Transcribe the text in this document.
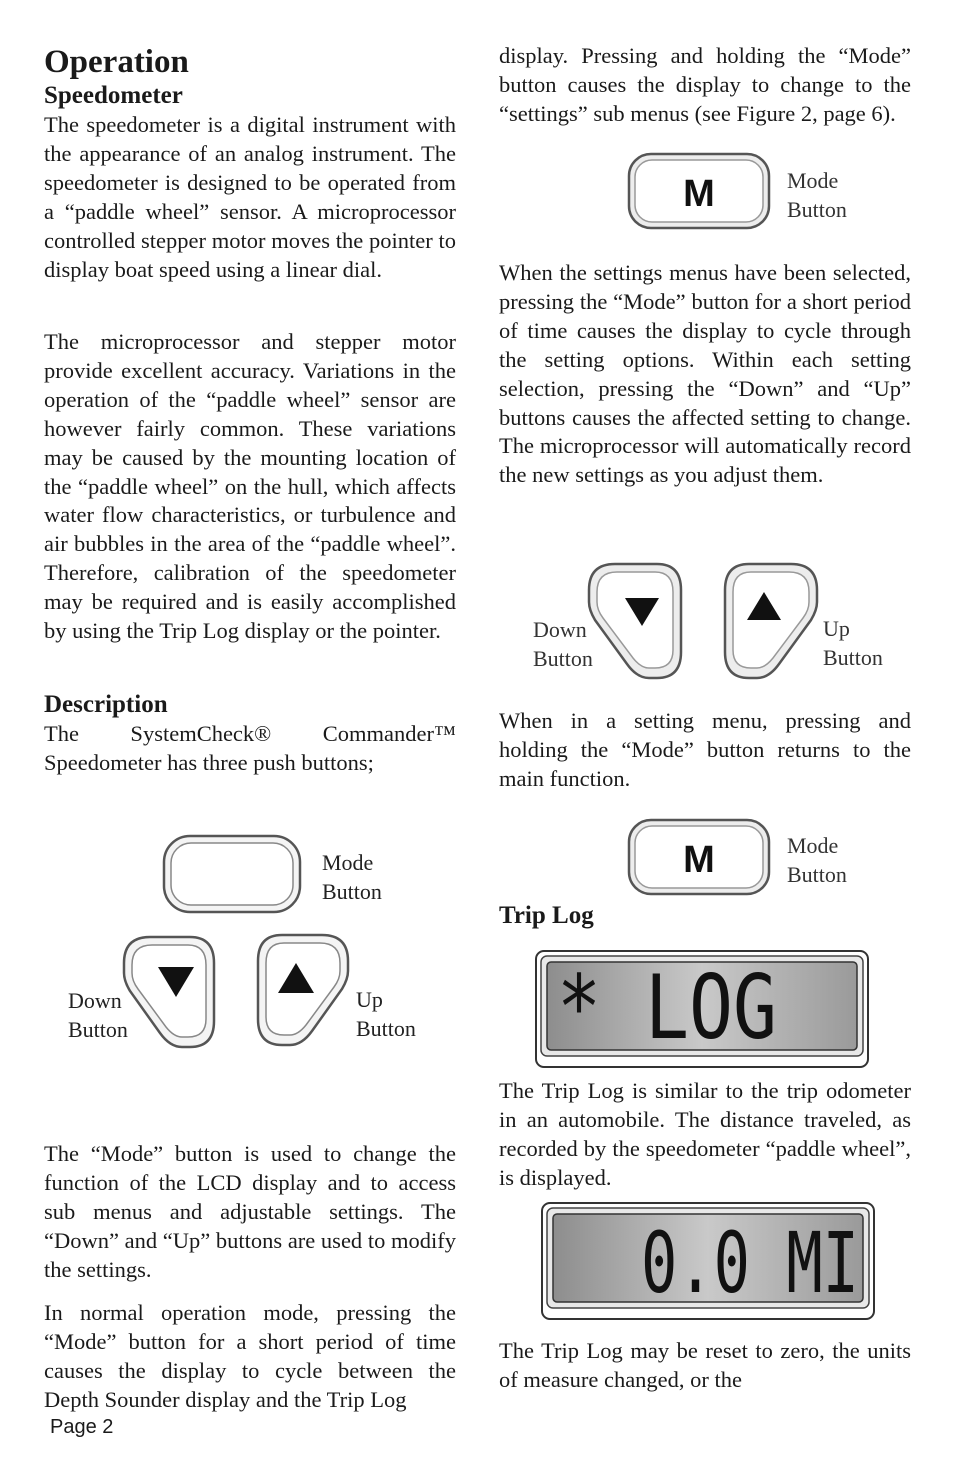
Operation
Speedometer

The speedometer is a digital instrument with the appearance of an analog instrument. The speedometer is designed to be operated from a “paddle wheel” sensor. A microprocessor controlled stepper motor moves the pointer to display boat speed using a linear dial.

The microprocessor and stepper motor provide excellent accuracy. Variations in the operation of the “paddle wheel” sensor are however fairly common. These variations may be caused by the mounting location of the “paddle wheel” on the hull, which affects water flow characteristics, or turbulence and air bubbles in the area of the “paddle wheel”. Therefore, calibration of the speedometer may be required and is easily accomplished by using the Trip Log display or the pointer.

Description

The SystemCheck® Commander™ Speedometer has three push buttons;

Mode
Button
Down
Button
Up
Button

The “Mode” button is used to change the function of the LCD display and to access sub menus and adjustable settings. The “Down” and “Up” buttons are used to modify the settings.

In normal operation mode, pressing the “Mode” button for a short period of time causes the display to cycle between the Depth Sounder display and the Trip Log

display. Pressing and holding the “Mode” button causes the display to change to the “settings” sub menus (see Figure 2, page 6).

M	Mode
Button

When the settings menus have been selected, pressing the “Mode” button for a short period of time causes the display to cycle through the setting options. Within each setting selection, pressing the “Down” and “Up” buttons causes the affected setting to change. The microprocessor will automatically record the new settings as you adjust them.

Down
Button
Up
Button

When in a setting menu, pressing and holding the “Mode” button returns to the main function.

M	Mode
Button
Trip Log
* LOG

The Trip Log is similar to the trip odometer in an automobile. The distance traveled, as recorded by the speedometer “paddle wheel”, is displayed.

0.0 MI

The Trip Log may be reset to zero, the units of measure changed, or the

Page 2
